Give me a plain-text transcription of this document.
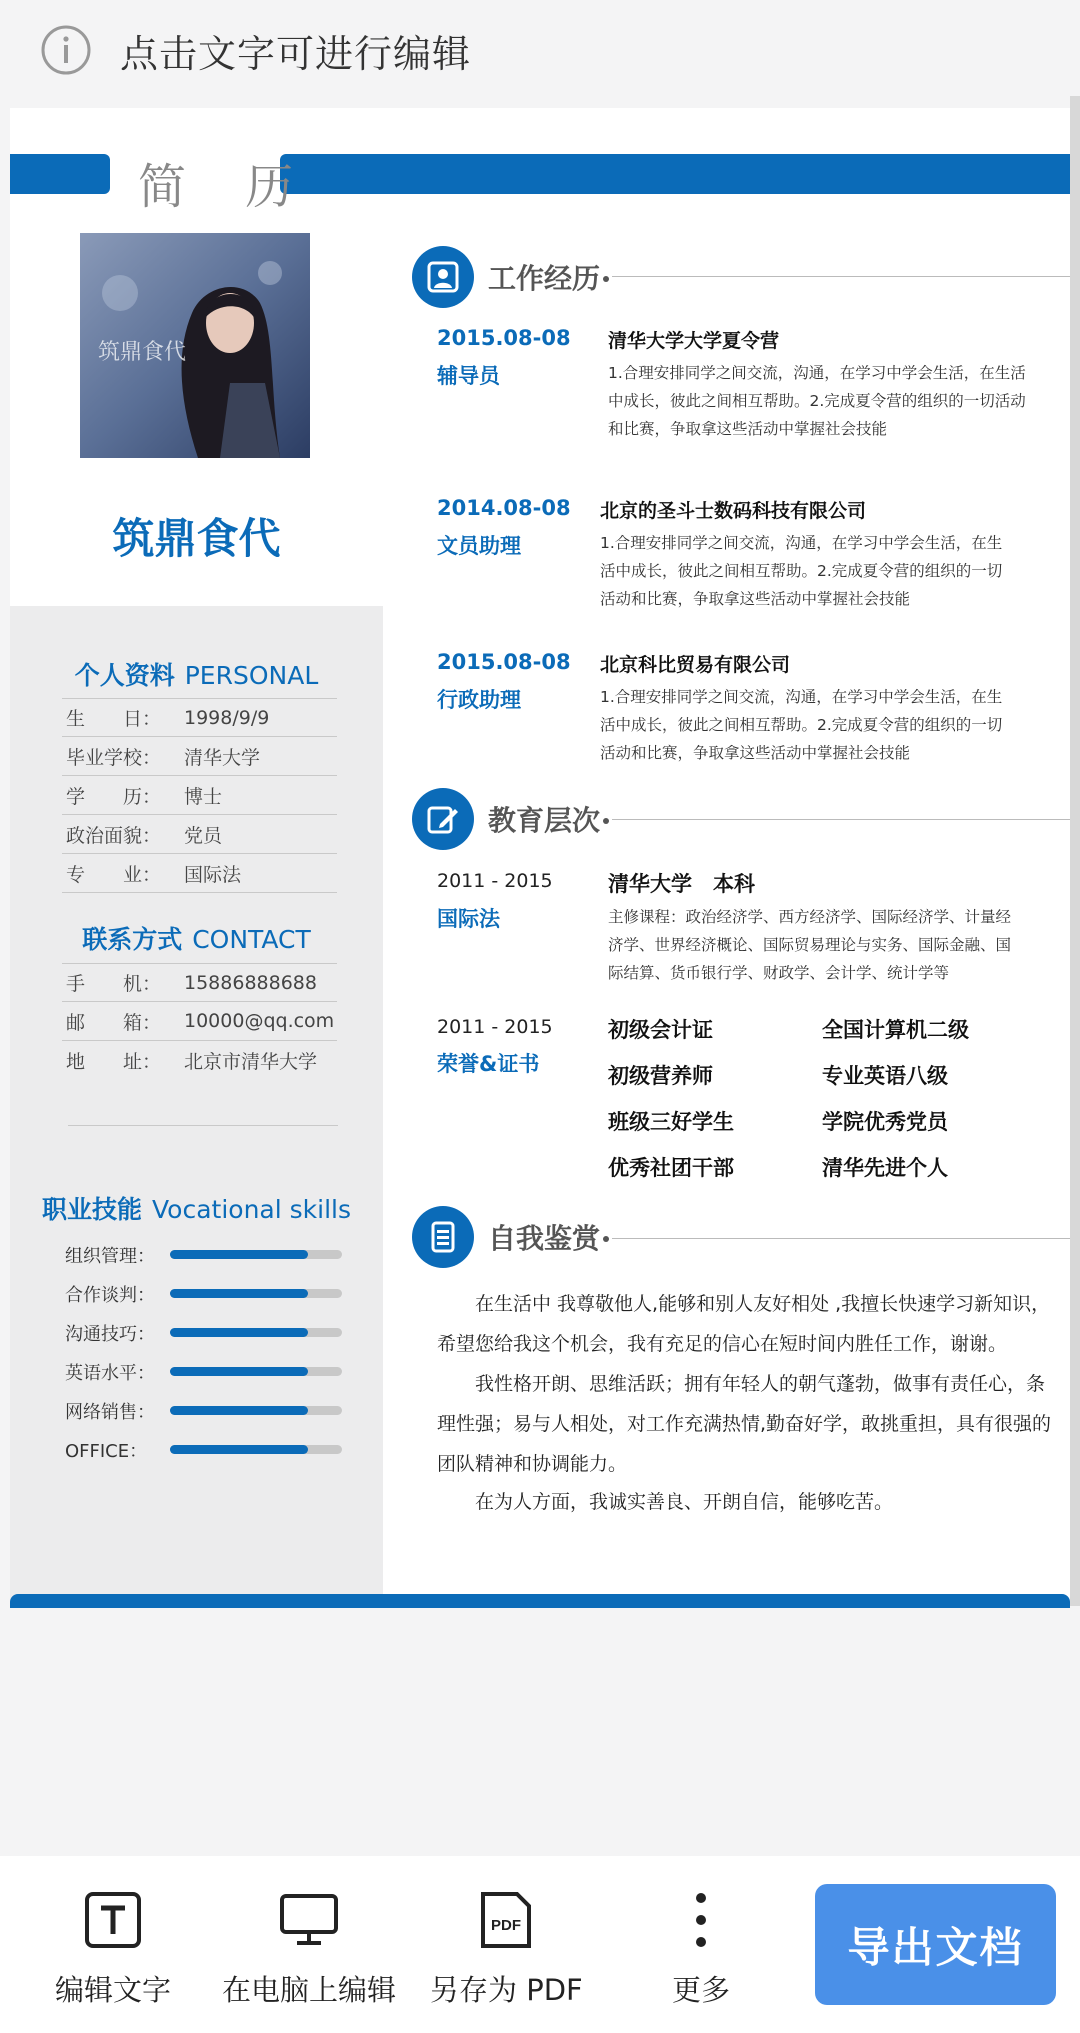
点击文字可进行编辑
简 历
筑鼎食代
筑鼎食代
个人资料 PERSONAL
生　　日：	1998/9/9
毕业学校：	清华大学
学　　历：	博士
政治面貌：	党员
专　　业：	国际法
联系方式 CONTACT
手　　机：	15886888688
邮　　箱：	10000@qq.com
地　　址：	北京市清华大学
职业技能 Vocational skills
组织管理：
合作谈判：
沟通技巧：
英语水平：
网络销售：
OFFICE：
工作经历
2015.08-08
辅导员
清华大学大学夏令营
1.合理安排同学之间交流，沟通，在学习中学会生活，在生活
中成长，彼此之间相互帮助。2.完成夏令营的组织的一切活动
和比赛，争取拿这些活动中掌握社会技能
2014.08-08
文员助理
北京的圣斗士数码科技有限公司
1.合理安排同学之间交流，沟通，在学习中学会生活，在生
活中成长，彼此之间相互帮助。2.完成夏令营的组织的一切
活动和比赛，争取拿这些活动中掌握社会技能
2015.08-08
行政助理
北京科比贸易有限公司
1.合理安排同学之间交流，沟通，在学习中学会生活，在生
活中成长，彼此之间相互帮助。2.完成夏令营的组织的一切
活动和比赛，争取拿这些活动中掌握社会技能
教育层次
2011 - 2015
国际法
清华大学　本科
主修课程：政治经济学、西方经济学、国际经济学、计量经
济学、世界经济概论、国际贸易理论与实务、国际金融、国
际结算、货币银行学、财政学、会计学、统计学等
2011 - 2015
荣誉&证书
初级会计证	全国计算机二级
初级营养师	专业英语八级
班级三好学生	学院优秀党员
优秀社团干部	清华先进个人
自我鉴赏

在生活中 我尊敬他人,能够和别人友好相处 ,我擅长快速学习新知识，希望您给我这个机会，我有充足的信心在短时间内胜任工作，谢谢。

我性格开朗、思维活跃；拥有年轻人的朝气蓬勃，做事有责任心，条理性强；易与人相处，对工作充满热情,勤奋好学，敢挑重担，具有很强的团队精神和协调能力。

在为人方面，我诚实善良、开朗自信，能够吃苦。

编辑文字 在电脑上编辑
PDF
另存为 PDF	更多
导出文档
